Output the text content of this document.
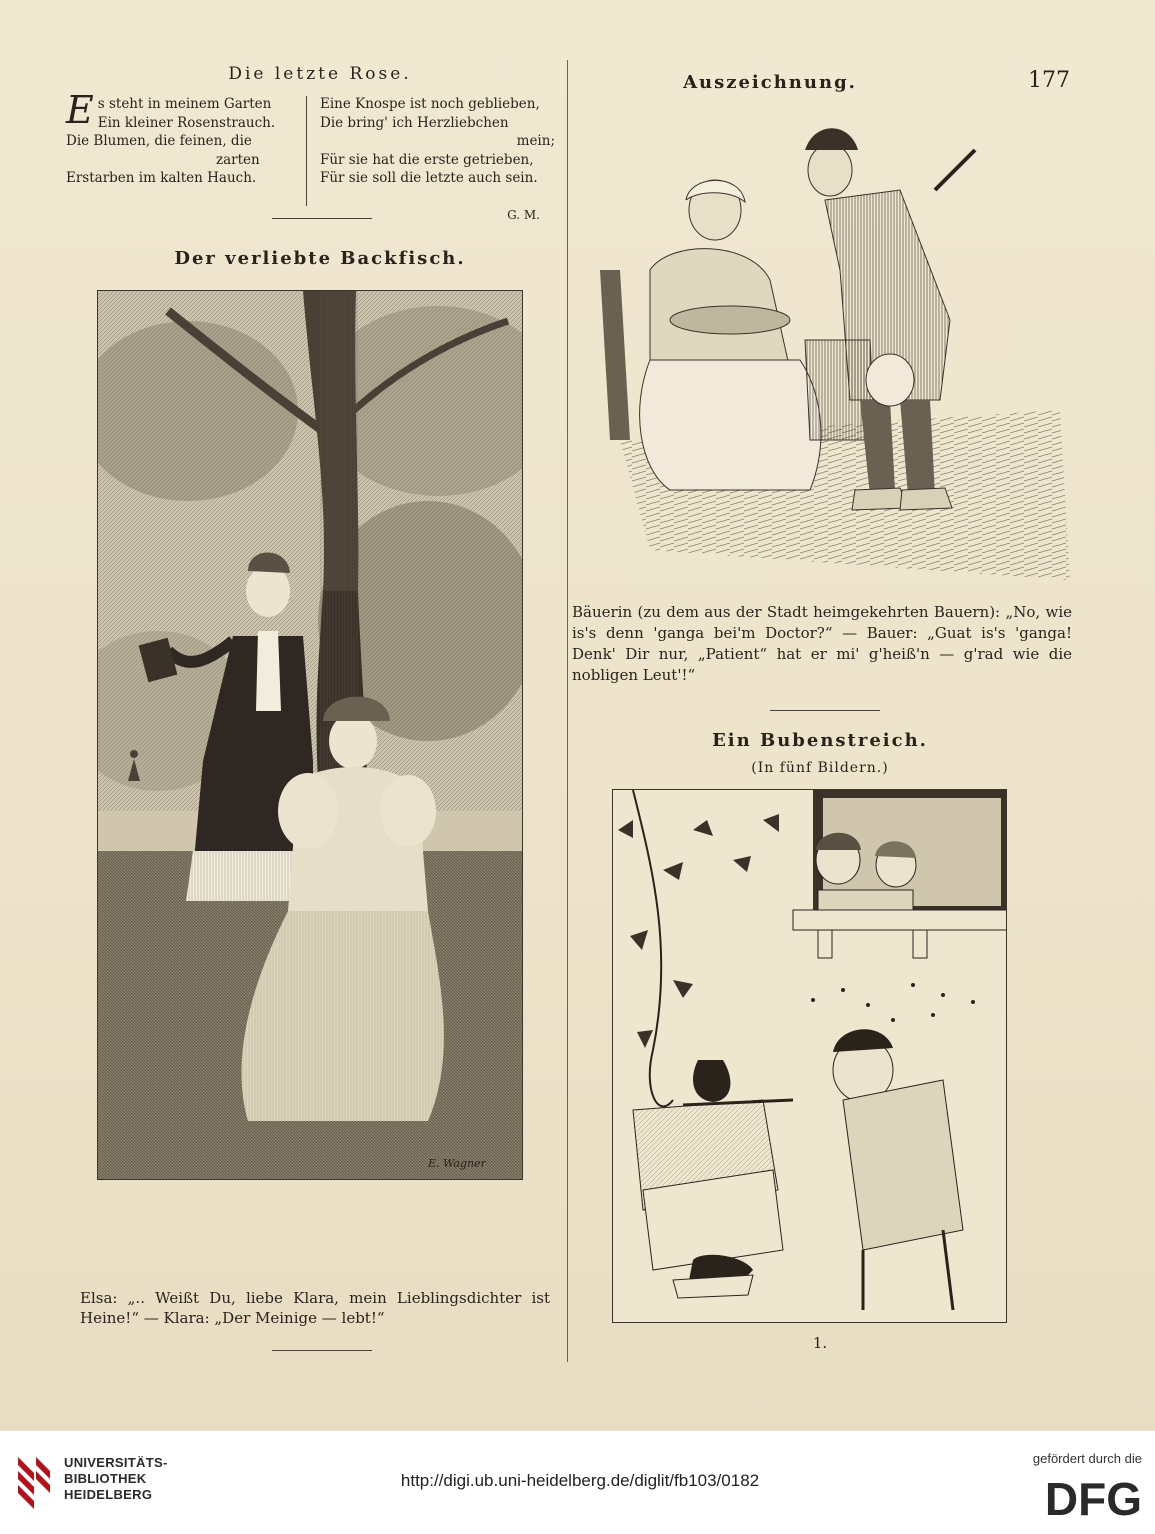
Die letzte Rose.
E s steht in meinem Garten
Ein kleiner Rosenstrauch.
Die Blumen, die feinen, die
zarten
Erstarben im kalten Hauch.
Eine Knospe ist noch geblieben,
Die bring' ich Herzliebchen
mein;
Für sie hat die erste getrieben,
Für sie soll die letzte auch sein.
G. M.
Der verliebte Backfisch.
E. Wagner
Elsa: „.. Weißt Du, liebe Klara, mein Lieblingsdichter ist Heine!“ — Klara: „Der Meinige — lebt!“
Auszeichnung.	177
Bäuerin (zu dem aus der Stadt heimgekehrten Bauern): „No, wie is's denn 'ganga bei'm Doctor?“ — Bauer: „Guat is's 'ganga! Denk' Dir nur, „Patient“ hat er mi' g'heiß'n — g'rad wie die nobligen Leut'!“
Ein Bubenstreich.
(In fünf Bildern.)
1.
UNIVERSITÄTS-
BIBLIOTHEK
HEIDELBERG
http://digi.ub.uni-heidelberg.de/diglit/fb103/0182
gefördert durch die
DFG
